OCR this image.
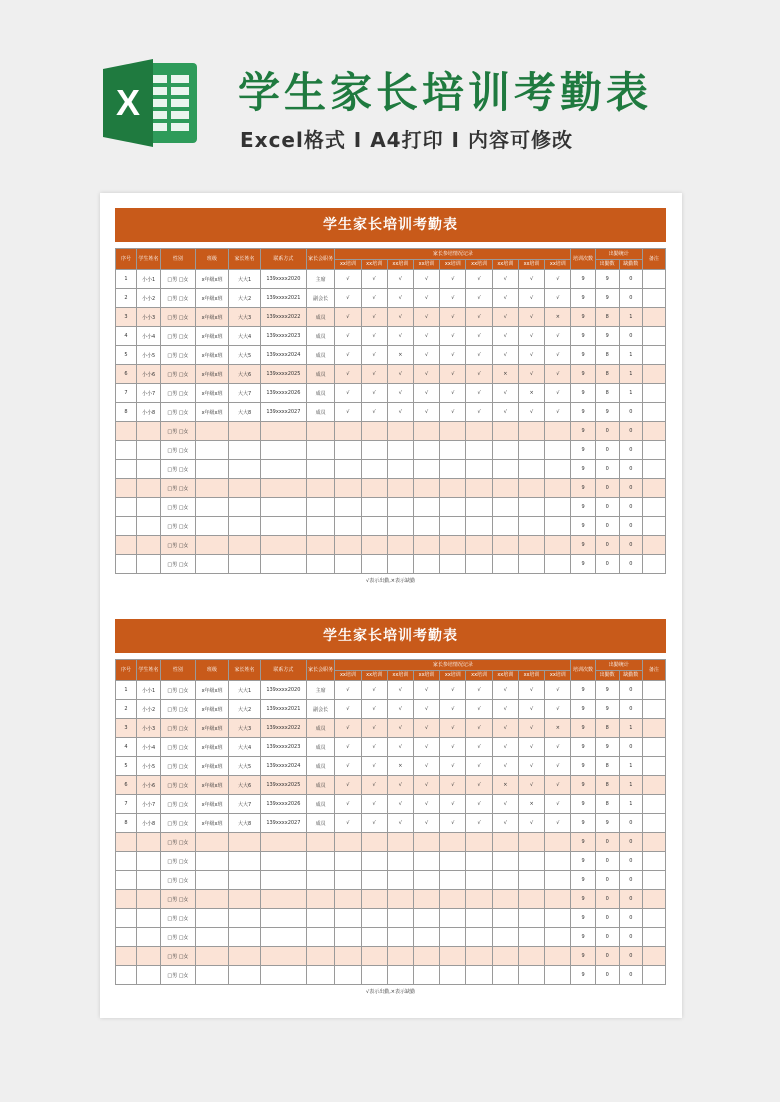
X 学生家长培训考勤表
Excel格式 Ⅰ A4打印 Ⅰ 内容可修改
学生家长培训考勤表
序号	学生姓名	性别	班级	家长姓名	联系方式	家长会职务	家长参培情况记录									培训次数	出勤统计		备注
							xx培训	xx培训	xx培训	xx培训	xx培训	xx培训	xx培训	xx培训	xx培训		出勤数	缺勤数	
1	小小1	□男 □女	x年级x班	大大1	139xxxx2020	主席	√	√	√	√	√	√	√	√	√	9	9	0	
2	小小2	□男 □女	x年级x班	大大2	139xxxx2021	副会长	√	√	√	√	√	√	√	√	√	9	9	0	
3	小小3	□男 □女	x年级x班	大大3	139xxxx2022	成员	√	√	√	√	√	√	√	√	×	9	8	1	
4	小小4	□男 □女	x年级x班	大大4	139xxxx2023	成员	√	√	√	√	√	√	√	√	√	9	9	0	
5	小小5	□男 □女	x年级x班	大大5	139xxxx2024	成员	√	√	×	√	√	√	√	√	√	9	8	1	
6	小小6	□男 □女	x年级x班	大大6	139xxxx2025	成员	√	√	√	√	√	√	×	√	√	9	8	1	
7	小小7	□男 □女	x年级x班	大大7	139xxxx2026	成员	√	√	√	√	√	√	√	×	√	9	8	1	
8	小小8	□男 □女	x年级x班	大大8	139xxxx2027	成员	√	√	√	√	√	√	√	√	√	9	9	0	
		□男 □女														9	0	0	
		□男 □女														9	0	0	
		□男 □女														9	0	0	
		□男 □女														9	0	0	
		□男 □女														9	0	0	
		□男 □女														9	0	0	
		□男 □女														9	0	0	
		□男 □女														9	0	0	
√表示出勤,×表示缺勤
学生家长培训考勤表
序号	学生姓名	性别	班级	家长姓名	联系方式	家长会职务	家长参培情况记录									培训次数	出勤统计		备注
							xx培训	xx培训	xx培训	xx培训	xx培训	xx培训	xx培训	xx培训	xx培训		出勤数	缺勤数	
1	小小1	□男 □女	x年级x班	大大1	139xxxx2020	主席	√	√	√	√	√	√	√	√	√	9	9	0	
2	小小2	□男 □女	x年级x班	大大2	139xxxx2021	副会长	√	√	√	√	√	√	√	√	√	9	9	0	
3	小小3	□男 □女	x年级x班	大大3	139xxxx2022	成员	√	√	√	√	√	√	√	√	×	9	8	1	
4	小小4	□男 □女	x年级x班	大大4	139xxxx2023	成员	√	√	√	√	√	√	√	√	√	9	9	0	
5	小小5	□男 □女	x年级x班	大大5	139xxxx2024	成员	√	√	×	√	√	√	√	√	√	9	8	1	
6	小小6	□男 □女	x年级x班	大大6	139xxxx2025	成员	√	√	√	√	√	√	×	√	√	9	8	1	
7	小小7	□男 □女	x年级x班	大大7	139xxxx2026	成员	√	√	√	√	√	√	√	×	√	9	8	1	
8	小小8	□男 □女	x年级x班	大大8	139xxxx2027	成员	√	√	√	√	√	√	√	√	√	9	9	0	
		□男 □女														9	0	0	
		□男 □女														9	0	0	
		□男 □女														9	0	0	
		□男 □女														9	0	0	
		□男 □女														9	0	0	
		□男 □女														9	0	0	
		□男 □女														9	0	0	
		□男 □女														9	0	0	
√表示出勤,×表示缺勤
